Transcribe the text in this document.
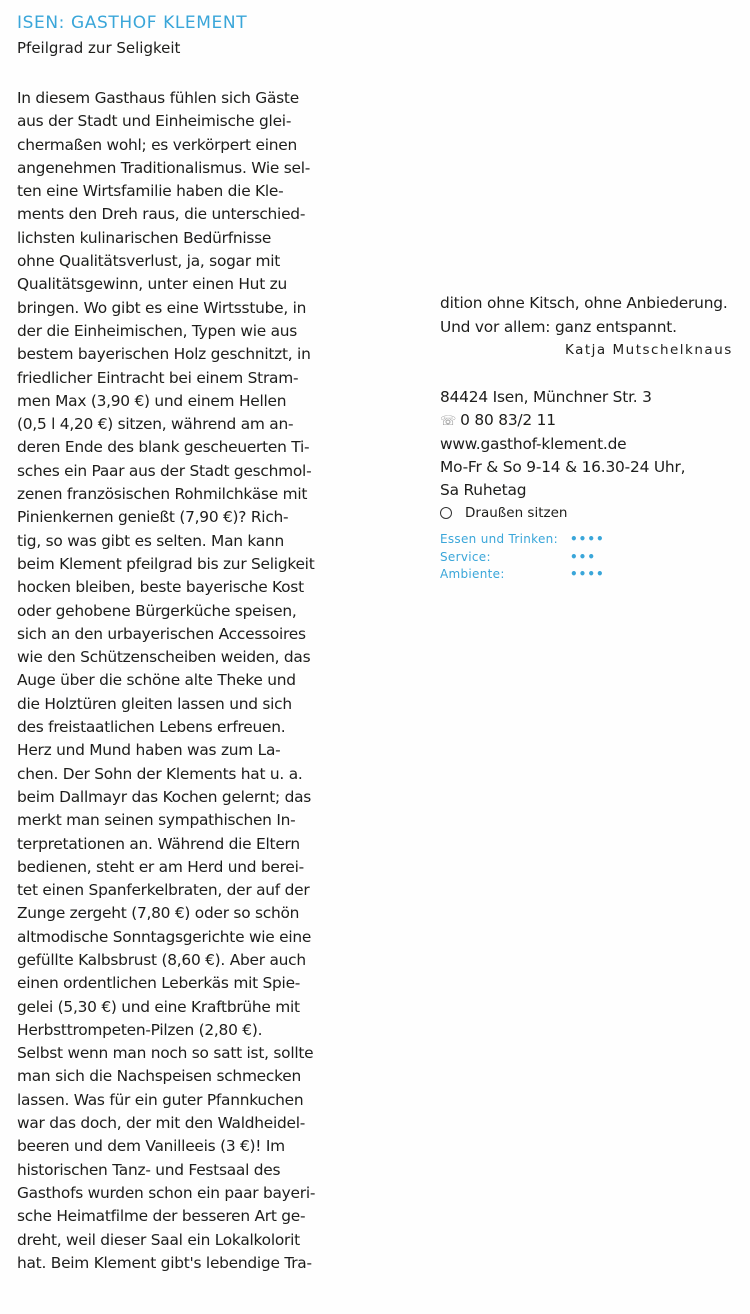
ISEN: GASTHOF KLEMENT
Pfeilgrad zur Seligkeit
In diesem Gasthaus fühlen sich Gäste
aus der Stadt und Einheimische glei-
chermaßen wohl; es verkörpert einen
angenehmen Traditionalismus. Wie sel-
ten eine Wirtsfamilie haben die Kle-
ments den Dreh raus, die unterschied-
lichsten kulinarischen Bedürfnisse
ohne Qualitätsverlust, ja, sogar mit
Qualitätsgewinn, unter einen Hut zu
bringen. Wo gibt es eine Wirtsstube, in
der die Einheimischen, Typen wie aus
bestem bayerischen Holz geschnitzt, in
friedlicher Eintracht bei einem Stram-
men Max (3,90 €) und einem Hellen
(0,5 l 4,20 €) sitzen, während am an-
deren Ende des blank gescheuerten Ti-
sches ein Paar aus der Stadt geschmol-
zenen französischen Rohmilchkäse mit
Pinienkernen genießt (7,90 €)? Rich-
tig, so was gibt es selten. Man kann
beim Klement pfeilgrad bis zur Seligkeit
hocken bleiben, beste bayerische Kost
oder gehobene Bürgerküche speisen,
sich an den urbayerischen Accessoires
wie den Schützenscheiben weiden, das
Auge über die schöne alte Theke und
die Holztüren gleiten lassen und sich
des freistaatlichen Lebens erfreuen.
Herz und Mund haben was zum La-
chen. Der Sohn der Klements hat u. a.
beim Dallmayr das Kochen gelernt; das
merkt man seinen sympathischen In-
terpretationen an. Während die Eltern
bedienen, steht er am Herd und berei-
tet einen Spanferkelbraten, der auf der
Zunge zergeht (7,80 €) oder so schön
altmodische Sonntagsgerichte wie eine
gefüllte Kalbsbrust (8,60 €). Aber auch
einen ordentlichen Leberkäs mit Spie-
gelei (5,30 €) und eine Kraftbrühe mit
Herbsttrompeten-Pilzen (2,80 €).
Selbst wenn man noch so satt ist, sollte
man sich die Nachspeisen schmecken
lassen. Was für ein guter Pfannkuchen
war das doch, der mit den Waldheidel-
beeren und dem Vanilleeis (3 €)! Im
historischen Tanz- und Festsaal des
Gasthofs wurden schon ein paar bayeri-
sche Heimatfilme der besseren Art ge-
dreht, weil dieser Saal ein Lokalkolorit
hat. Beim Klement gibt's lebendige Tra-
dition ohne Kitsch, ohne Anbiederung.
Und vor allem: ganz entspannt.
Katja Mutschelknaus
84424 Isen, Münchner Str. 3
☏ 0 80 83/2 11
www.gasthof-klement.de
Mo-Fr & So 9-14 & 16.30-24 Uhr,
Sa Ruhetag
Draußen sitzen
Essen und Trinken: ••••
Service:	•••
Ambiente:	••••
